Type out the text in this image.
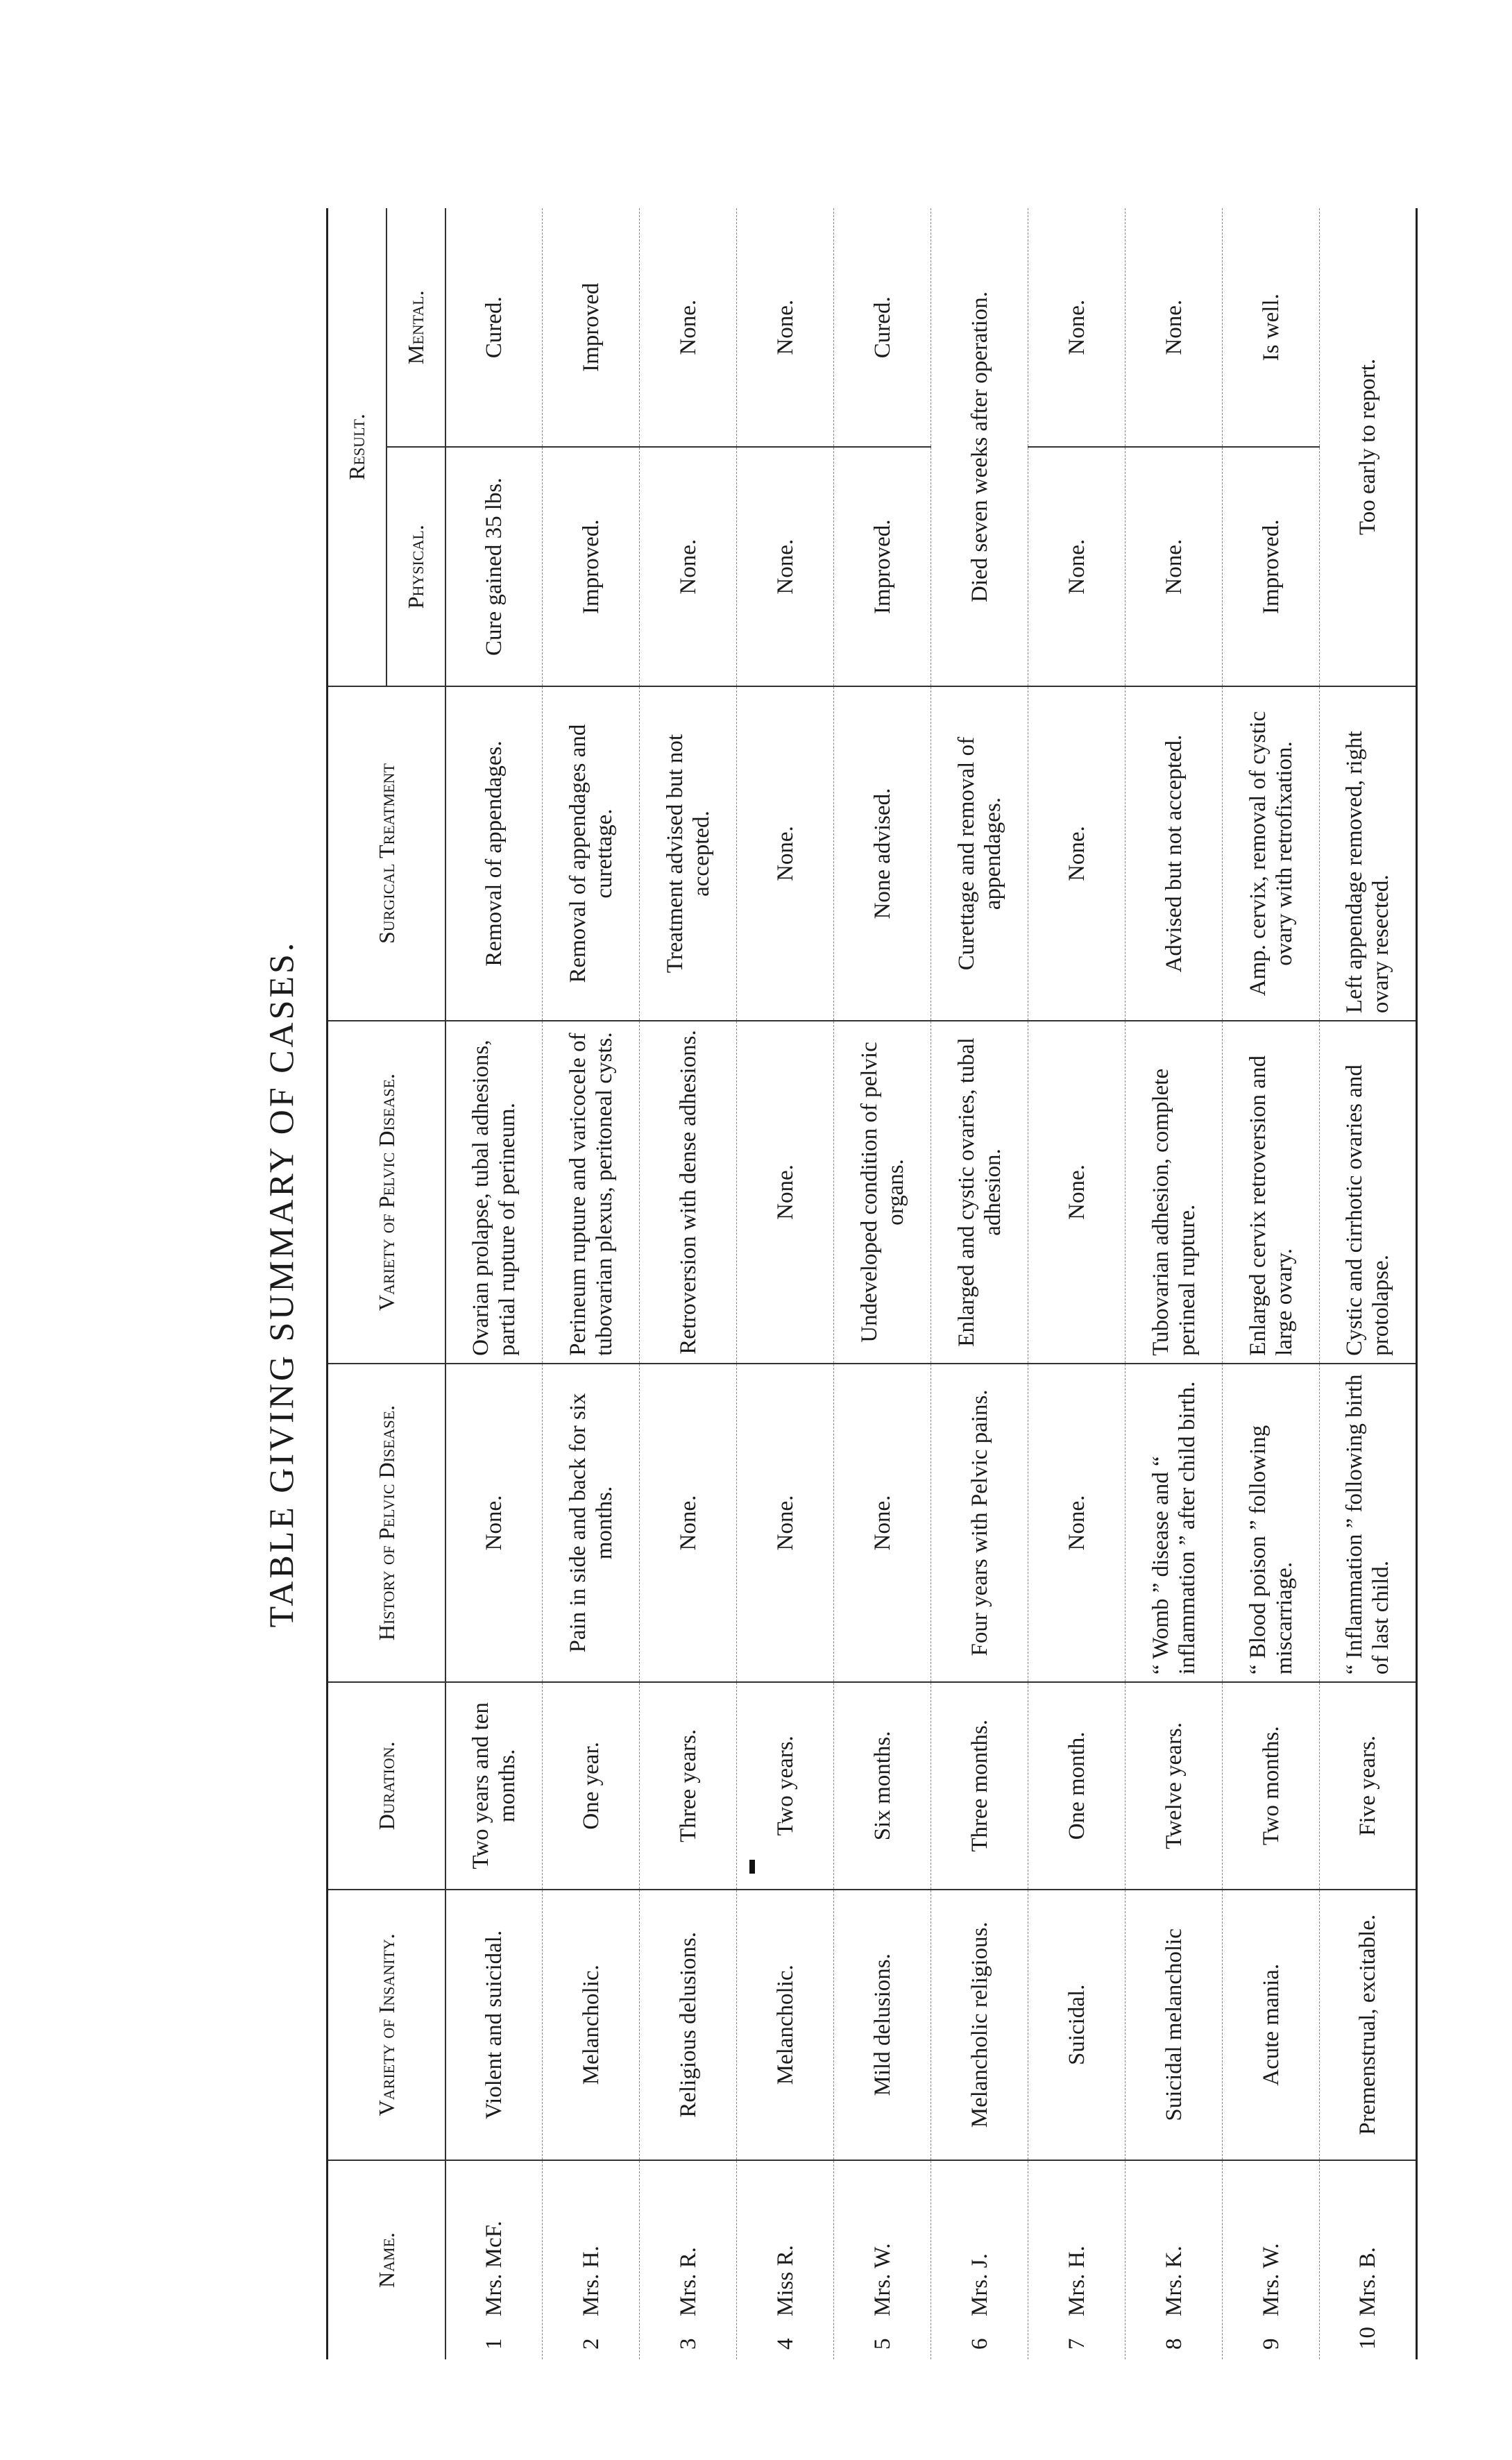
TABLE GIVING SUMMARY OF CASES.
Name.	Variety of Insanity.	Duration.	History of Pelvic Disease.	Variety of Pelvic Disease.	Surgical Treatment	Result.	
						Physical.	Mental.
1Mrs. McF.	Violent and suicidal.	Two years and ten months.	None.	Ovarian prolapse, tubal adhesions, partial rupture of perineum.	Removal of appendages.	Cure gained 35 lbs.	Cured.
2Mrs. H.	Melancholic.	One year.	Pain in side and back for six months.	Perineum rupture and varicocele of tubovarian plexus, peritoneal cysts.	Removal of appendages and curettage.	Improved.	Improved
3Mrs. R.	Religious delusions.	Three years.	None.	Retroversion with dense adhesions.	Treatment advised but not accepted.	None.	None.
4Miss R.	Melancholic.	Two years.	None.	None.	None.	None.	None.
5Mrs. W.	Mild delusions.	Six months.	None.	Undeveloped condition of pelvic organs.	None advised.	Improved.	Cured.
6Mrs. J.	Melancholic religious.	Three months.	Four years with Pelvic pains.	Enlarged and cystic ovaries, tubal adhesion.	Curettage and removal of appendages.	Died seven weeks after operation.	
7Mrs. H.	Suicidal.	One month.	None.	None.	None.	None.	None.
8Mrs. K.	Suicidal melancholic	Twelve years.	“ Womb ” disease and “ inflammation ” after child birth.	Tubovarian adhesion, complete perineal rupture.	Advised but not accepted.	None.	None.
9Mrs. W.	Acute mania.	Two months.	“ Blood poison ” following miscarriage.	Enlarged cervix retroversion and large ovary.	Amp. cervix, removal of cystic ovary with retrofixation.	Improved.	Is well.
10Mrs. B.	Premenstrual, excitable.	Five years.	“ Inflammation ” following birth of last child.	Cystic and cirrhotic ovaries and protolapse.	Left appendage removed, right ovary resected.	Too early to report.	
